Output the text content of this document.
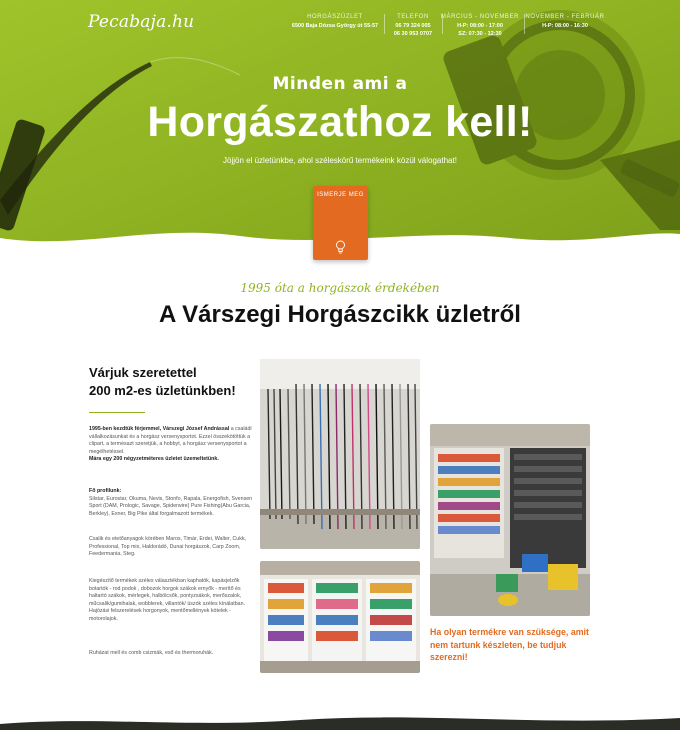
Pecabaja.hu	HORGÁSZÜZLET
6500 Baja Dózsa György út 55-57
TELEFON
06 79 324 005
06 30 953 0707
MÁRCIUS - NOVEMBER
H-P: 08:00 - 17:00
SZ: 07:30 - 12:30
NOVEMBER - FEBRUÁR
H-P: 08:00 - 16:30
Minden ami a
Horgászathoz kell!
Jöjjön el üzletünkbe, ahol széleskörű termékeink közül válogathat!
ISMERJE MEG
1995 óta a horgászok érdekében
A Várszegi Horgászcikk üzletről
Várjuk szeretettel
200 m2-es üzletünkben!
1995-ben kezdtük férjemmel, Várszegi József Andrással a családi vállalkozásunkat és a horgász versenysportot. Ezzel összekötöttük a clipart, a termésazt szeretjük, a hobbyt, a horgász versenysportot a megélhetéssel.
Mára egy 200 négyzetméteres üzletet üzemeltetünk.
Fő profilunk:
Silstar, Eurostar, Okuma, Nevis, Stonfo, Rapala, Energofish, Svensen Sport (DAM, Prologic, Savage, Spiderwire) Pure Fishing(Abu Garcia, Berkley), Exner, Big Pike által forgalmazott termékek.
Csalik és etetőanyagok körében Maros, Timár, Erdei, Walter, Cukk, Professional, Top mix, Haldorádó, Dunai horgászok, Carp Zoom, Feedermania, Steg.
Kiegészítő termékek széles választékban kaphatók, kapásjelzők botartók - rod podok , dobozok horgok szákok ernyők - merítő és haltartó szákok, mérlegek, halbölcsők, pontyzsákok, merőszalok, műcsalik/gumihalak, wobblerek, villantók/ úszók széles kínálatban. Hajózási felszerelések horgonyok, mentőmellények kötelek - motorolajok.
Ruházat mell és comb csizmák, eső és thermoruhák.
Ha olyan termékre van szüksége, amit nem tartunk készleten, be tudjuk szerezni!
